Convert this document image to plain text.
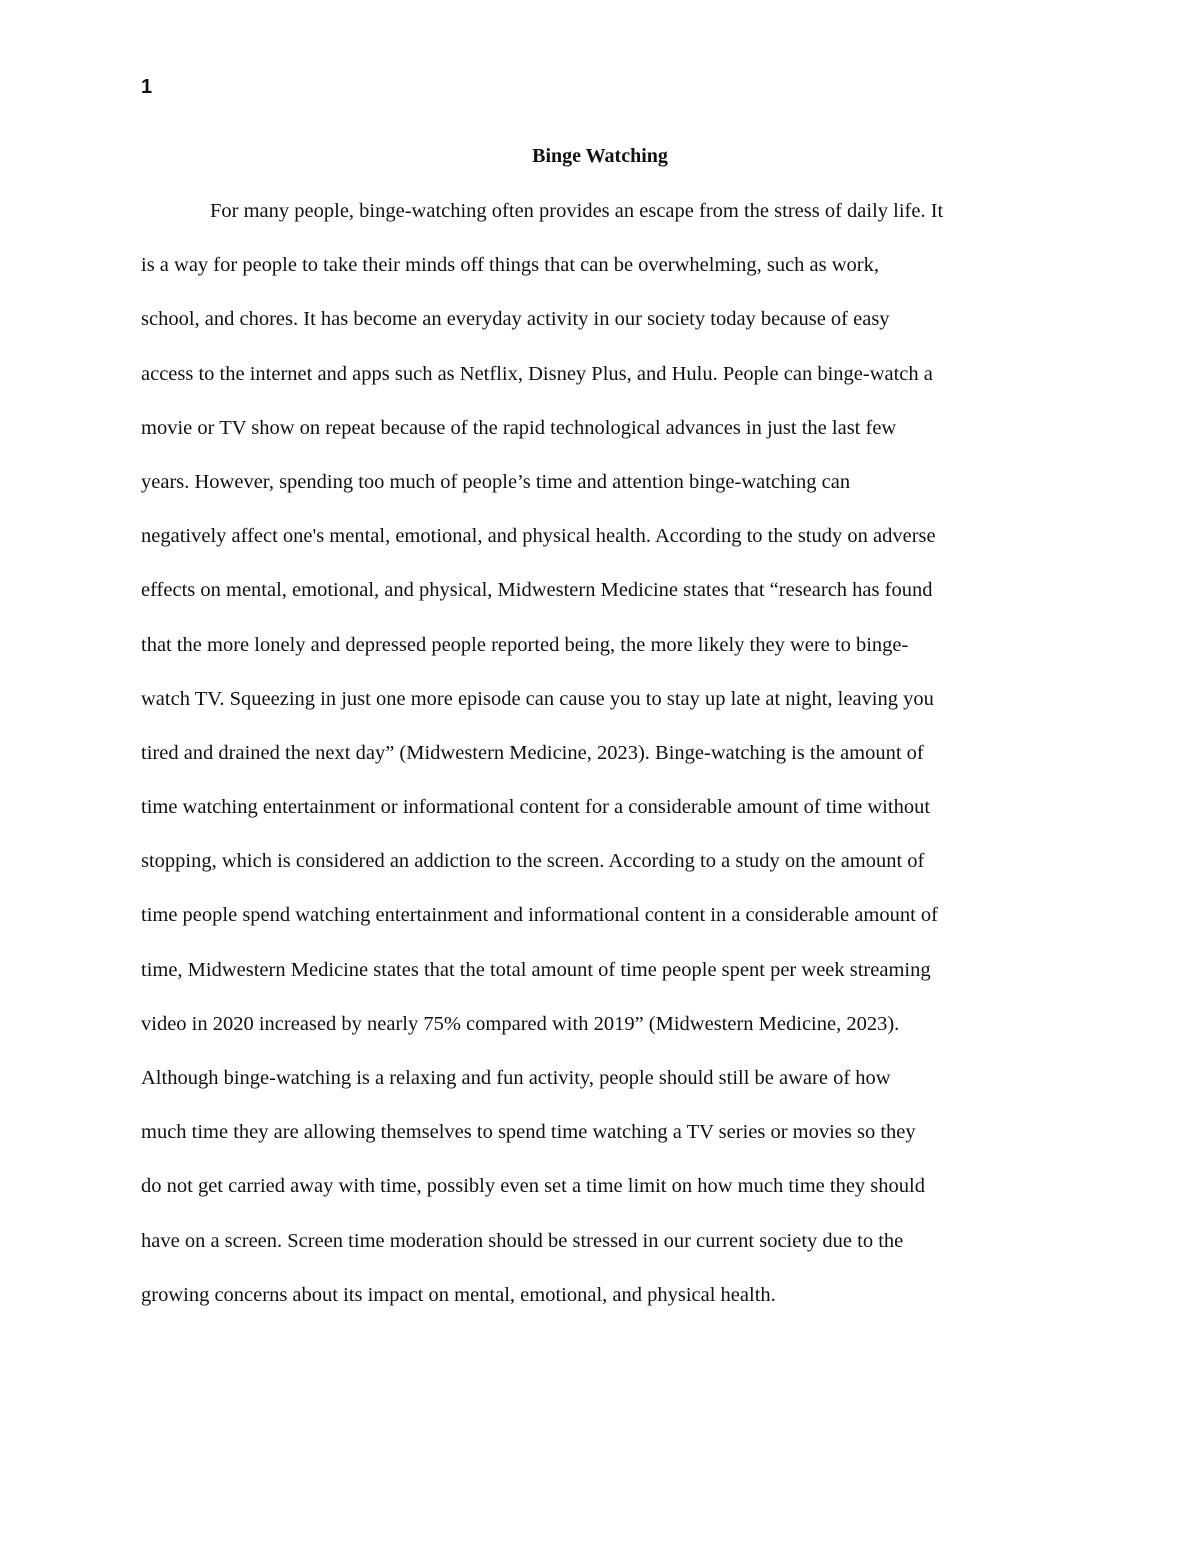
1

Binge Watching
For many people, binge-watching often provides an escape from the stress of daily life. It
is a way for people to take their minds off things that can be overwhelming, such as work,
school, and chores. It has become an everyday activity in our society today because of easy
access to the internet and apps such as Netflix, Disney Plus, and Hulu. People can binge-watch a
movie or TV show on repeat because of the rapid technological advances in just the last few
years. However, spending too much of people’s time and attention binge-watching can
negatively affect one's mental, emotional, and physical health. According to the study on adverse
effects on mental, emotional, and physical, Midwestern Medicine states that “research has found
that the more lonely and depressed people reported being, the more likely they were to binge-
watch TV. Squeezing in just one more episode can cause you to stay up late at night, leaving you
tired and drained the next day” (Midwestern Medicine, 2023). Binge-watching is the amount of
time watching entertainment or informational content for a considerable amount of time without
stopping, which is considered an addiction to the screen. According to a study on the amount of
time people spend watching entertainment and informational content in a considerable amount of
time, Midwestern Medicine states that the total amount of time people spent per week streaming
video in 2020 increased by nearly 75% compared with 2019” (Midwestern Medicine, 2023).
Although binge-watching is a relaxing and fun activity, people should still be aware of how
much time they are allowing themselves to spend time watching a TV series or movies so they
do not get carried away with time, possibly even set a time limit on how much time they should
have on a screen. Screen time moderation should be stressed in our current society due to the
growing concerns about its impact on mental, emotional, and physical health.
